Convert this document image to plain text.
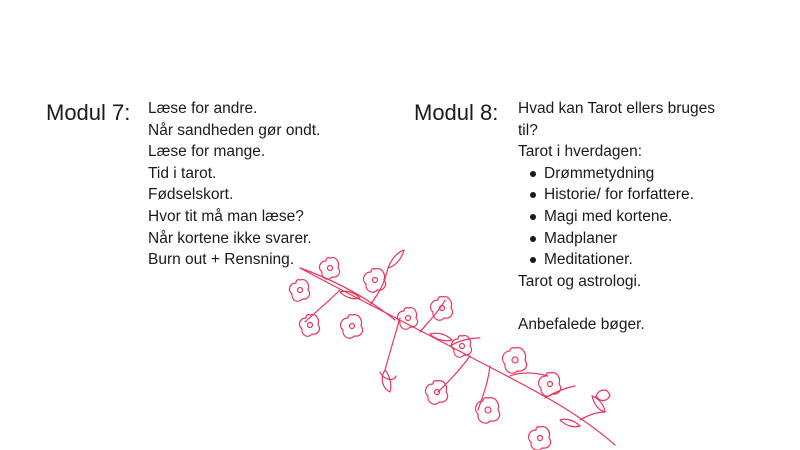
Modul 7: Læse for andre.
Når sandheden gør ondt.
Læse for mange.
Tid i tarot.
Fødselskort.
Hvor tit må man læse?
Når kortene ikke svarer.
Burn out + Rensning.
Modul 8: Hvad kan Tarot ellers bruges
til?
Tarot i hverdagen:
Drømmetydning
Historie/ for forfattere.
Magi med kortene.
Madplaner
Meditationer.
Tarot og astrologi.
Anbefalede bøger.
